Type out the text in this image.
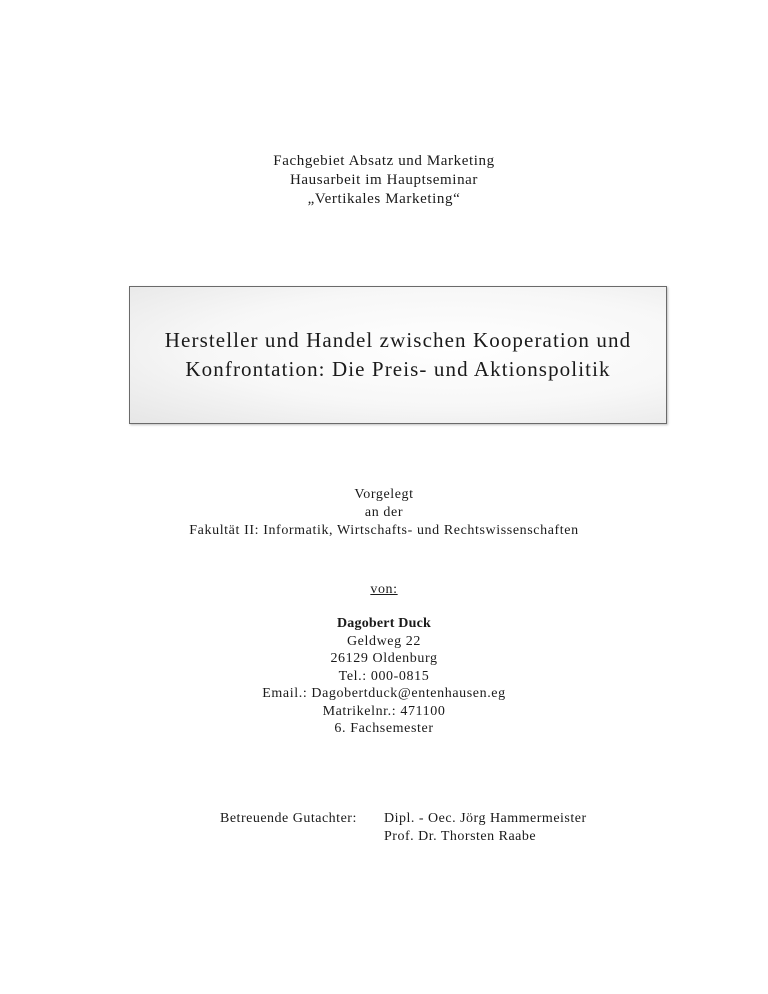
Fachgebiet Absatz und Marketing
Hausarbeit im Hauptseminar
„Vertikales Marketing“
Hersteller und Handel zwischen Kooperation und
Konfrontation: Die Preis- und Aktionspolitik
Vorgelegt
an der
Fakultät II: Informatik, Wirtschafts- und Rechtswissenschaften
von:
Dagobert Duck
Geldweg 22
26129 Oldenburg
Tel.: 000-0815
Email.: Dagobertduck@entenhausen.eg
Matrikelnr.: 471100
6. Fachsemester
Betreuende Gutachter:	Dipl. - Oec. Jörg Hammermeister
Prof. Dr. Thorsten Raabe
